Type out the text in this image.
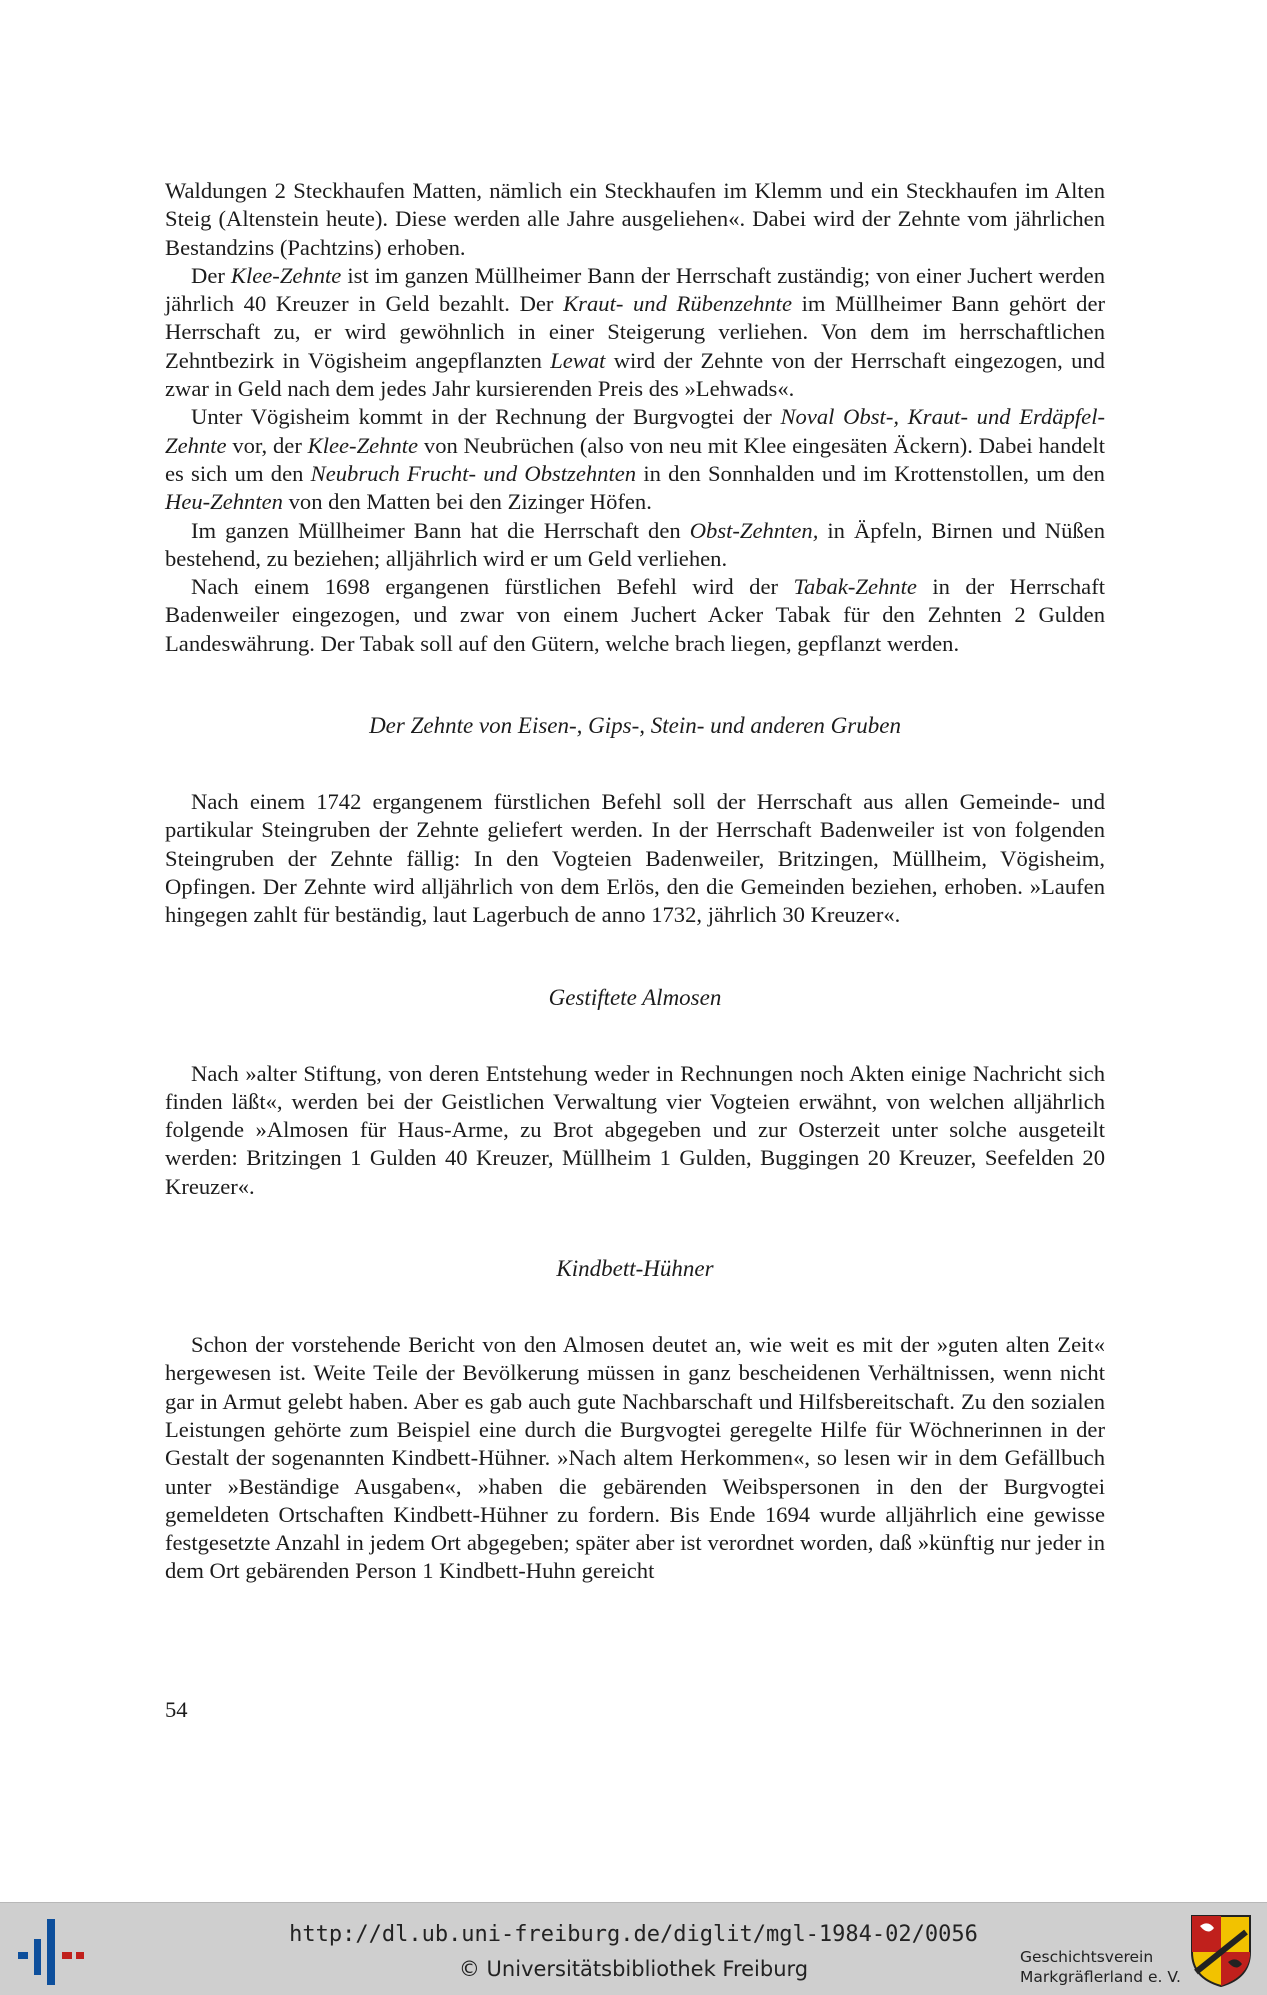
Waldungen 2 Steckhaufen Matten, nämlich ein Steckhaufen im Klemm und ein Steckhaufen im Alten Steig (Altenstein heute). Diese werden alle Jahre ausgeliehen«. Dabei wird der Zehnte vom jährlichen Bestandzins (Pachtzins) erhoben.

Der Klee-Zehnte ist im ganzen Müllheimer Bann der Herrschaft zuständig; von einer Juchert werden jährlich 40 Kreuzer in Geld bezahlt. Der Kraut- und Rübenzehnte im Müllheimer Bann gehört der Herrschaft zu, er wird gewöhnlich in einer Steigerung verliehen. Von dem im herrschaftlichen Zehntbezirk in Vögisheim angepflanzten Lewat wird der Zehnte von der Herrschaft eingezogen, und zwar in Geld nach dem jedes Jahr kursierenden Preis des »Lehwads«.

Unter Vögisheim kommt in der Rechnung der Burgvogtei der Noval Obst-, Kraut- und Erdäpfel-Zehnte vor, der Klee-Zehnte von Neubrüchen (also von neu mit Klee eingesäten Äckern). Dabei handelt es sich um den Neubruch Frucht- und Obstzehnten in den Sonnhalden und im Krottenstollen, um den Heu-Zehnten von den Matten bei den Zizinger Höfen.

Im ganzen Müllheimer Bann hat die Herrschaft den Obst-Zehnten, in Äpfeln, Birnen und Nüßen bestehend, zu beziehen; alljährlich wird er um Geld verliehen.

Nach einem 1698 ergangenen fürstlichen Befehl wird der Tabak-Zehnte in der Herrschaft Badenweiler eingezogen, und zwar von einem Juchert Acker Tabak für den Zehnten 2 Gulden Landeswährung. Der Tabak soll auf den Gütern, welche brach liegen, gepflanzt werden.

Der Zehnte von Eisen-, Gips-, Stein- und anderen Gruben

Nach einem 1742 ergangenem fürstlichen Befehl soll der Herrschaft aus allen Gemeinde- und partikular Steingruben der Zehnte geliefert werden. In der Herrschaft Badenweiler ist von folgenden Steingruben der Zehnte fällig: In den Vogteien Badenweiler, Britzingen, Müllheim, Vögisheim, Opfingen. Der Zehnte wird alljährlich von dem Erlös, den die Gemeinden beziehen, erhoben. »Laufen hingegen zahlt für beständig, laut Lagerbuch de anno 1732, jährlich 30 Kreuzer«.

Gestiftete Almosen

Nach »alter Stiftung, von deren Entstehung weder in Rechnungen noch Akten einige Nachricht sich finden läßt«, werden bei der Geistlichen Verwaltung vier Vogteien erwähnt, von welchen alljährlich folgende »Almosen für Haus-Arme, zu Brot abgegeben und zur Osterzeit unter solche ausgeteilt werden: Britzingen 1 Gulden 40 Kreuzer, Müllheim 1 Gulden, Buggingen 20 Kreuzer, Seefelden 20 Kreuzer«.

Kindbett-Hühner

Schon der vorstehende Bericht von den Almosen deutet an, wie weit es mit der »guten alten Zeit« hergewesen ist. Weite Teile der Bevölkerung müssen in ganz bescheidenen Verhältnissen, wenn nicht gar in Armut gelebt haben. Aber es gab auch gute Nachbarschaft und Hilfsbereitschaft. Zu den sozialen Leistungen gehörte zum Beispiel eine durch die Burgvogtei geregelte Hilfe für Wöchnerinnen in der Gestalt der sogenannten Kindbett-Hühner. »Nach altem Herkommen«, so lesen wir in dem Gefällbuch unter »Beständige Ausgaben«, »haben die gebärenden Weibspersonen in den der Burgvogtei gemeldeten Ortschaften Kindbett-Hühner zu fordern. Bis Ende 1694 wurde alljährlich eine gewisse festgesetzte Anzahl in jedem Ort abgegeben; später aber ist verordnet worden, daß »künftig nur jeder in dem Ort gebärenden Person 1 Kindbett-Huhn gereicht

54
http://dl.ub.uni-freiburg.de/diglit/mgl-1984-02/0056
© Universitätsbibliothek Freiburg	Geschichtsverein
Markgräflerland e. V.
